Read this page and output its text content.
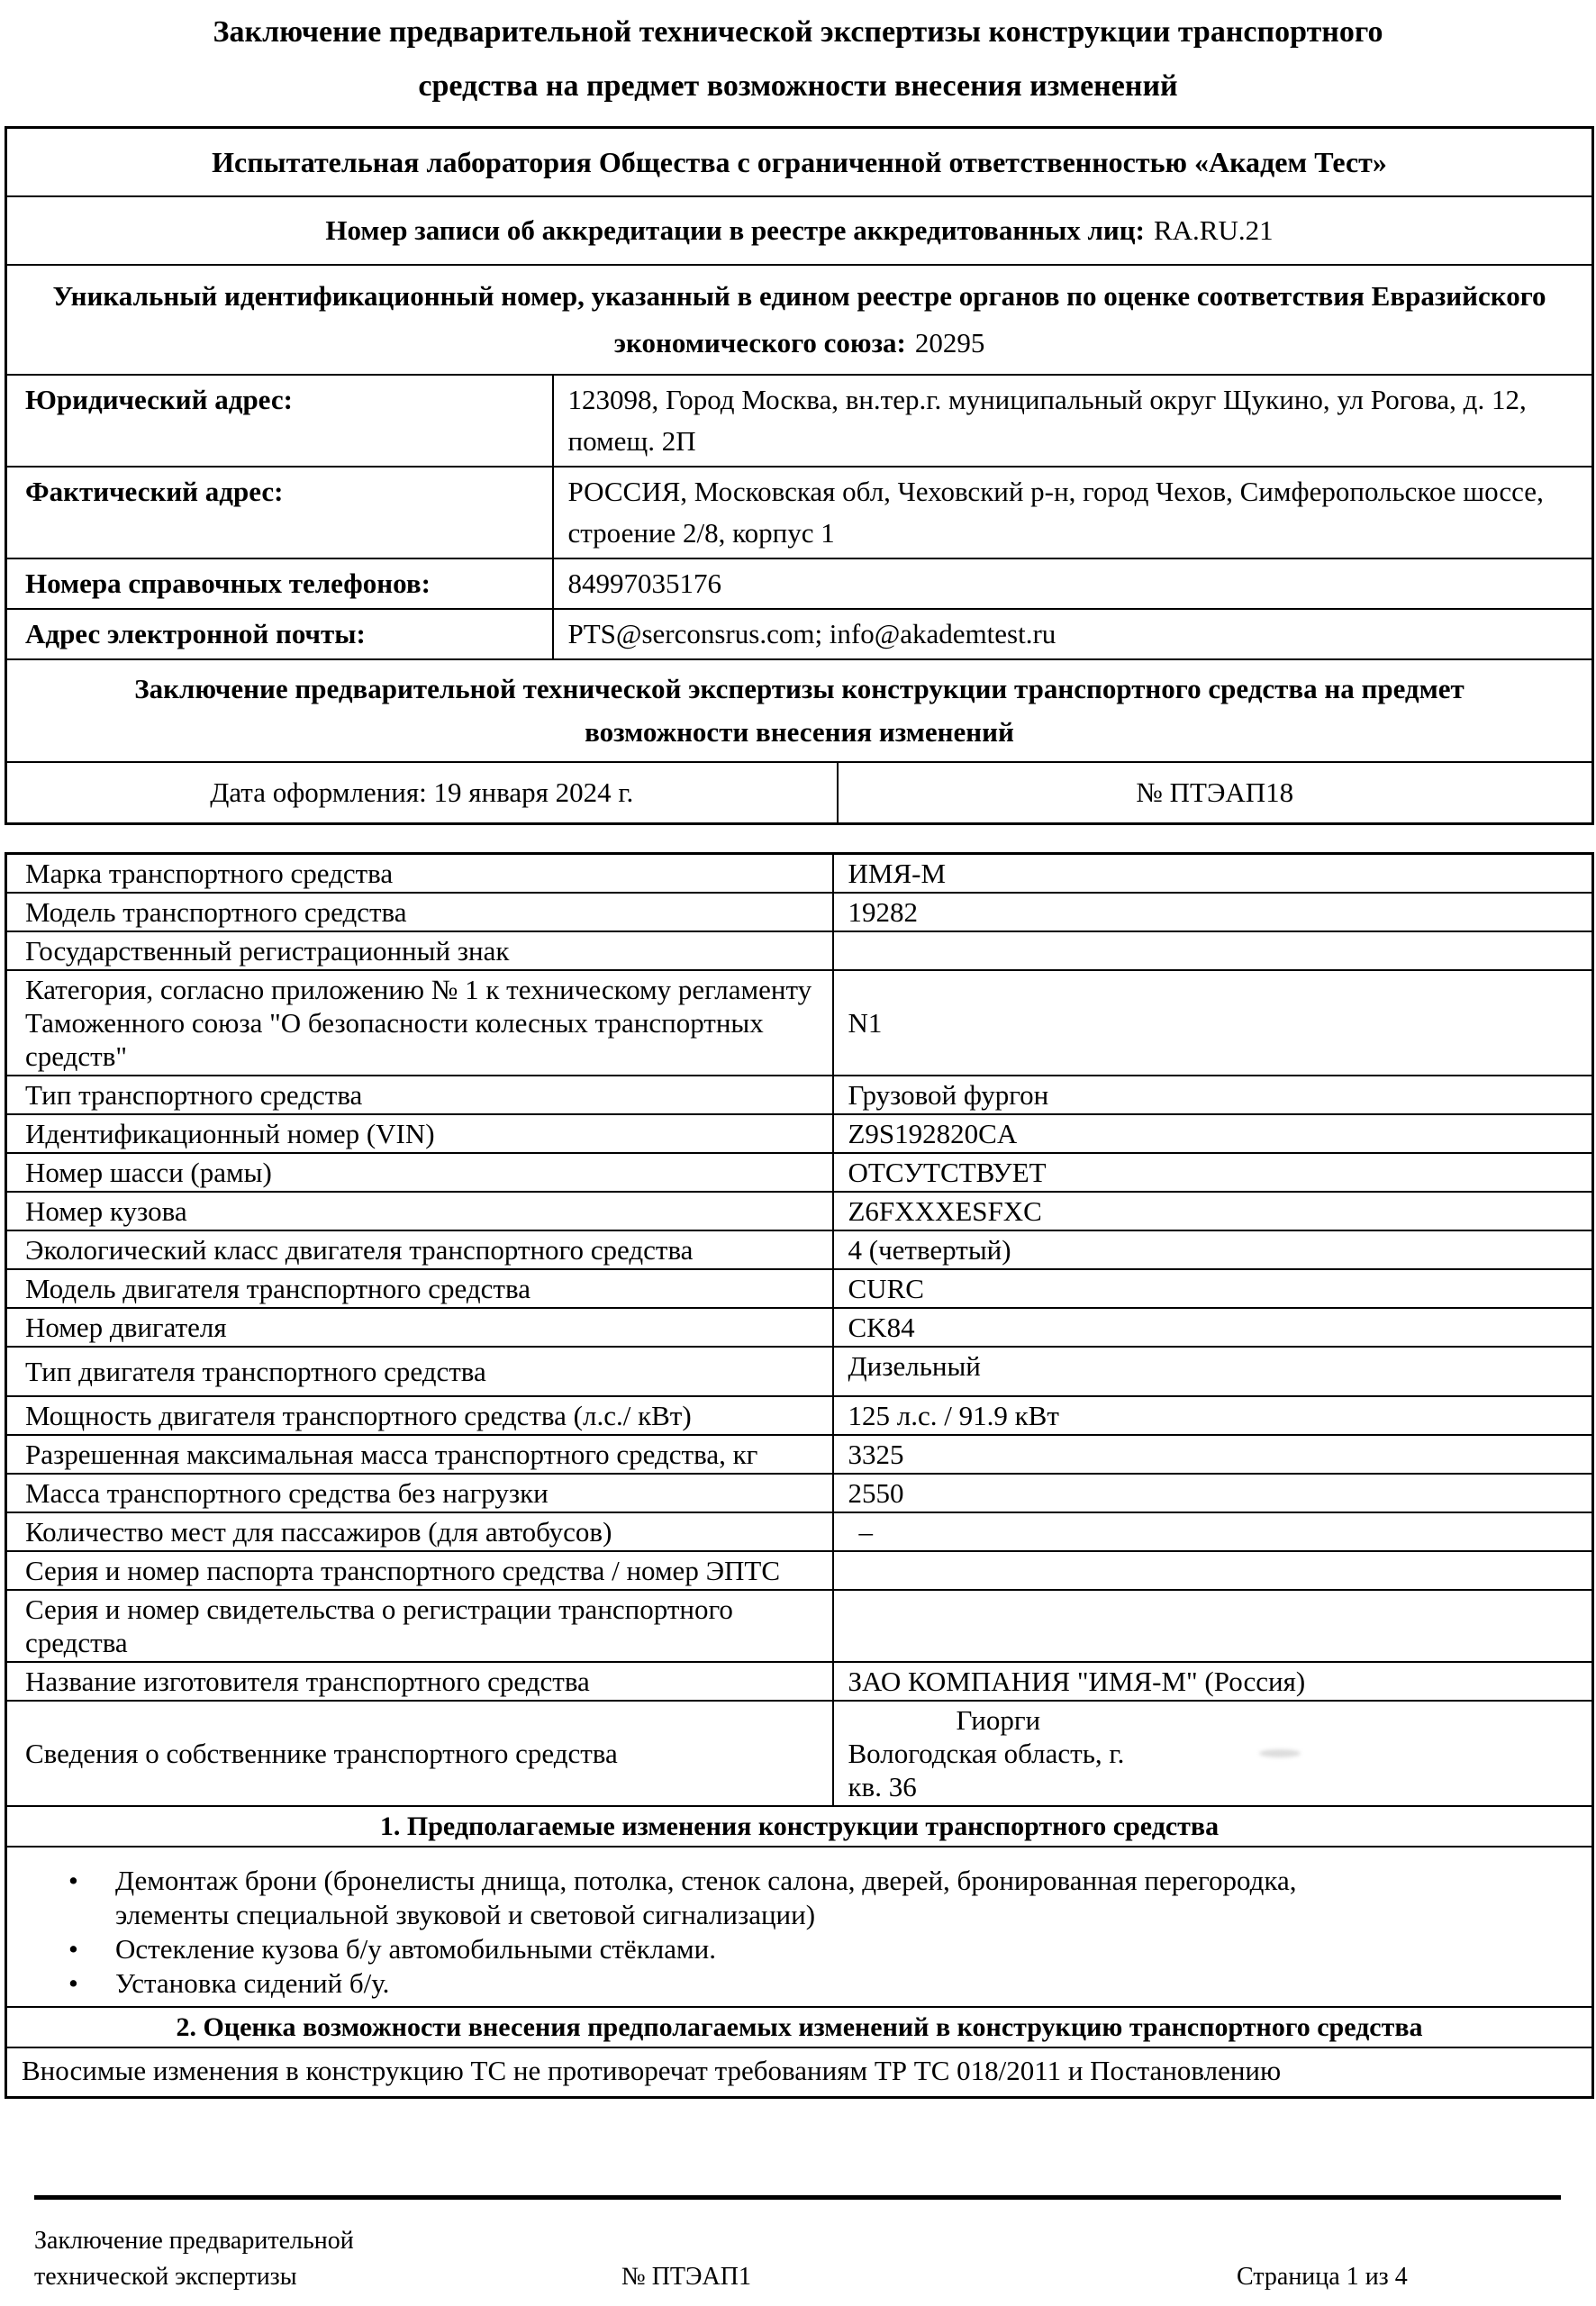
Заключение предварительной технической экспертизы конструкции транспортного средства на предмет возможности внесения изменений
Испытательная лаборатория Общества с ограниченной ответственностью «Академ Тест»		

Номер записи об аккредитации в реестре аккредитованных лиц: RA.RU.21		
Уникальный идентификационный номер, указанный в едином реестре органов по оценке соответствия Евразийского экономического союза: 20295		

Юридический адрес:	123098, Город Москва, вн.тер.г. муниципальный округ Щукино, ул Рогова, д. 12, помещ. 2П	

Фактический адрес:	РОССИЯ, Московская обл, Чеховский р-н, город Чехов, Симферопольское шоссе, строение 2/8, корпус 1	

Номера справочных телефонов:	84997035176	

Адрес электронной почты:	PTS@serconsrus.com; info@akademtest.ru	

Заключение предварительной технической экспертизы конструкции транспортного средства на предмет возможности внесения изменений		

Дата оформления: 19 января 2024 г.		№ ПТЭАП18
Марка транспортного средства	ИМЯ-М

Модель транспортного средства	19282

Государственный регистрационный знак	

Категория, согласно приложению № 1 к техническому регламенту Таможенного союза "О безопасности колесных транспортных средств"	N1

Тип транспортного средства	Грузовой фургон

Идентификационный номер (VIN)	Z9S192820CA

Номер шасси (рамы)	ОТСУТСТВУЕТ

Номер кузова	Z6FXXXESFXC

Экологический класс двигателя транспортного средства	4 (четвертый)

Модель двигателя транспортного средства	CURC

Номер двигателя	CK84

Тип двигателя транспортного средства	Дизельный

Мощность двигателя транспортного средства (л.с./ кВт)	125 л.с. / 91.9 кВт

Разрешенная максимальная масса транспортного средства, кг	3325

Масса транспортного средства без нагрузки	2550

Количество мест для пассажиров (для автобусов)	–

Серия и номер паспорта транспортного средства / номер ЭПТС	

Серия и номер свидетельства о регистрации транспортного средства	

Название изготовителя транспортного средства	ЗАО КОМПАНИЯ "ИМЯ-М" (Россия)

Сведения о собственнике транспортного средства	Гиорги
Вологодская область, г.
кв. 36

1. Предполагаемые изменения конструкции транспортного средства	

•	Демонтаж брони (бронелисты днища, потолка, стенок салона, дверей, бронированная перегородка, элементы специальной звуковой и световой сигнализации)
•	Остекление кузова б/у автомобильными стёклами.
•	Установка сидений б/у.

2. Оценка возможности внесения предполагаемых изменений в конструкцию транспортного средства	

Вносимые изменения в конструкцию ТС не противоречат требованиям ТР ТС 018/2011 и Постановлению	
Заключение предварительной
технической экспертизы	№ ПТЭАП1	Страница 1 из 4
